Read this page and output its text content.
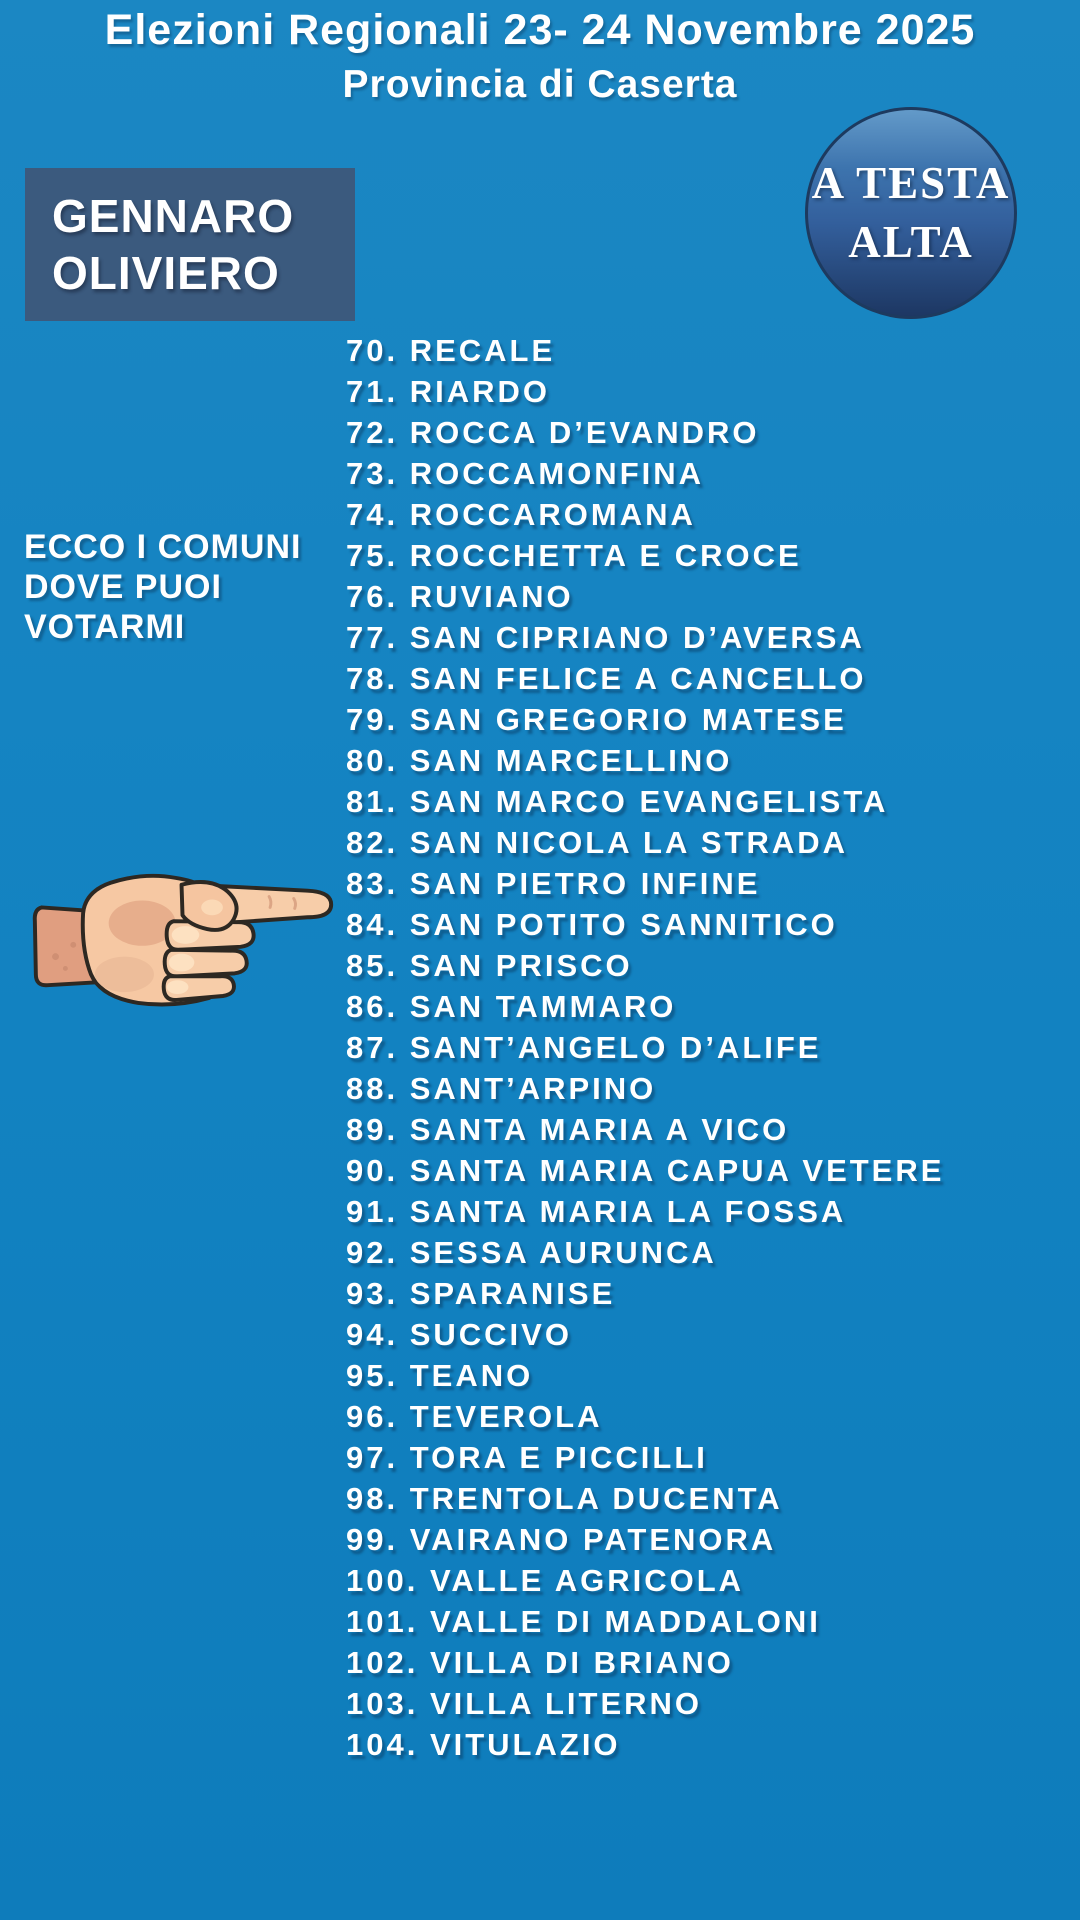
Elezioni Regionali 23- 24 Novembre 2025
Provincia di Caserta
GENNARO
OLIVIERO
A TESTA
ALTA
ECCO I COMUNI
DOVE PUOI
VOTARMI
70. RECALE
71. RIARDO
72. ROCCA D’EVANDRO
73. ROCCAMONFINA
74. ROCCAROMANA
75. ROCCHETTA E CROCE
76. RUVIANO
77. SAN CIPRIANO D’AVERSA
78. SAN FELICE A CANCELLO
79. SAN GREGORIO MATESE
80. SAN MARCELLINO
81. SAN MARCO EVANGELISTA
82. SAN NICOLA LA STRADA
83. SAN PIETRO INFINE
84. SAN POTITO SANNITICO
85. SAN PRISCO
86. SAN TAMMARO
87. SANT’ANGELO D’ALIFE
88. SANT’ARPINO
89. SANTA MARIA A VICO
90. SANTA MARIA CAPUA VETERE
91. SANTA MARIA LA FOSSA
92. SESSA AURUNCA
93. SPARANISE
94. SUCCIVO
95. TEANO
96. TEVEROLA
97. TORA E PICCILLI
98. TRENTOLA DUCENTA
99. VAIRANO PATENORA
100. VALLE AGRICOLA
101. VALLE DI MADDALONI
102. VILLA DI BRIANO
103. VILLA LITERNO
104. VITULAZIO
